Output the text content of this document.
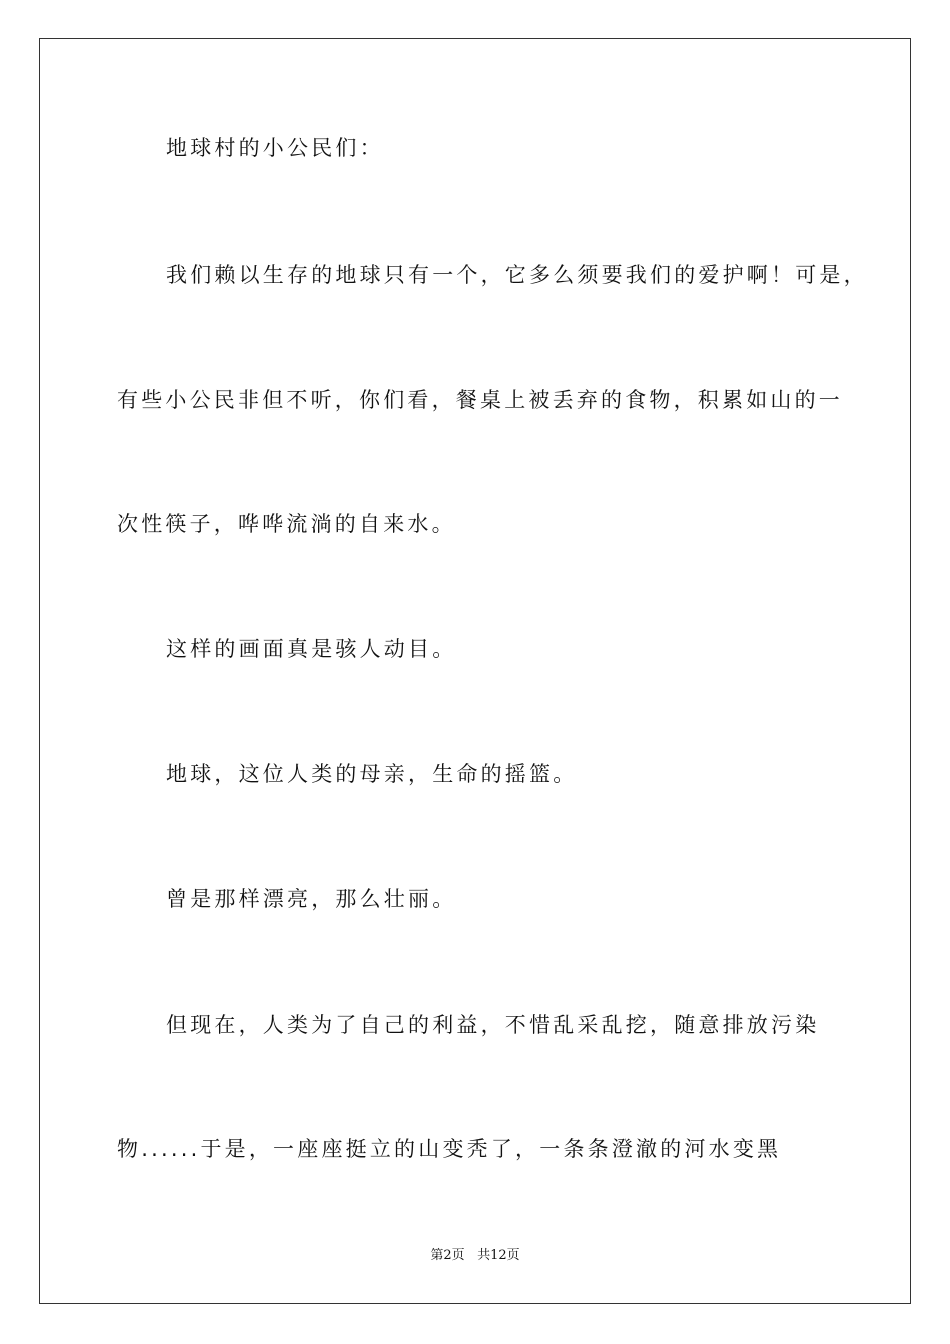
地球村的小公民们：
我们赖以生存的地球只有一个，它多么须要我们的爱护啊！可是，
有些小公民非但不听，你们看，餐桌上被丢弃的食物，积累如山的一
次性筷子，哗哗流淌的自来水。
这样的画面真是骇人动目。
地球，这位人类的母亲，生命的摇篮。
曾是那样漂亮，那么壮丽。
但现在，人类为了自己的利益，不惜乱采乱挖，随意排放污染
物......于是，一座座挺立的山变秃了，一条条澄澈的河水变黑
第2页 共12页
